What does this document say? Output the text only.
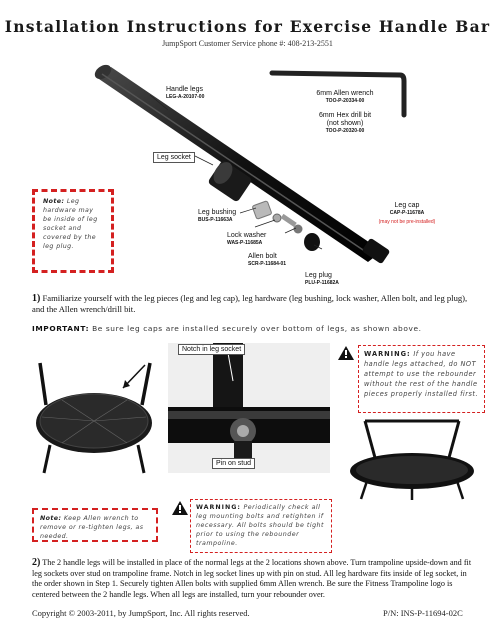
Installation Instructions for Exercise Handle Bar
JumpSport Customer Service phone #: 408-213-2551
Handle legs
LEG-A-20107-00	6mm Allen wrench
TOO-P-20334-00
6mm Hex drill bit
(not shown)
TOO-P-20320-00
Leg socket
Leg bushing
BUS-P-11663A
Lock washer
WAS-P-11685A
Allen bolt
SCR-P-11684-01
Leg plug
PLU-P-11682A
Leg cap
CAP-P-11678A
(may not be pre-installed)
Note: Leg hardware may be inside of leg socket and covered by the leg plug.
1) Familiarize yourself with the leg pieces (leg and leg cap), leg hardware (leg bushing, lock washer, Allen bolt, and leg plug), and the Allen wrench/drill bit.
IMPORTANT: Be sure leg caps are installed securely over bottom of legs, as shown above.
Notch in leg socket
Pin on stud
WARNING: If you have handle legs attached, do NOT attempt to use the rebounder without the rest of the handle pieces properly installed first.
Note: Keep Allen wrench to remove or re-tighten legs, as needed.
WARNING: Periodically check all leg mounting bolts and retighten if necessary. All bolts should be tight prior to using the rebounder trampoline.
2) The 2 handle legs will be installed in place of the normal legs at the 2 locations shown above. Turn trampoline upside-down and fit leg sockets over stud on trampoline frame. Notch in leg socket lines up with pin on stud. All leg hardware fits inside of leg socket, in the order shown in Step 1. Securely tighten Allen bolts with supplied 6mm Allen wrench. Be sure the Fitness Trampoline logo is centered between the 2 handle legs. When all legs are installed, turn your rebounder over.
Copyright © 2003-2011, by JumpSport, Inc. All rights reserved.	P/N: INS-P-11694-02C
